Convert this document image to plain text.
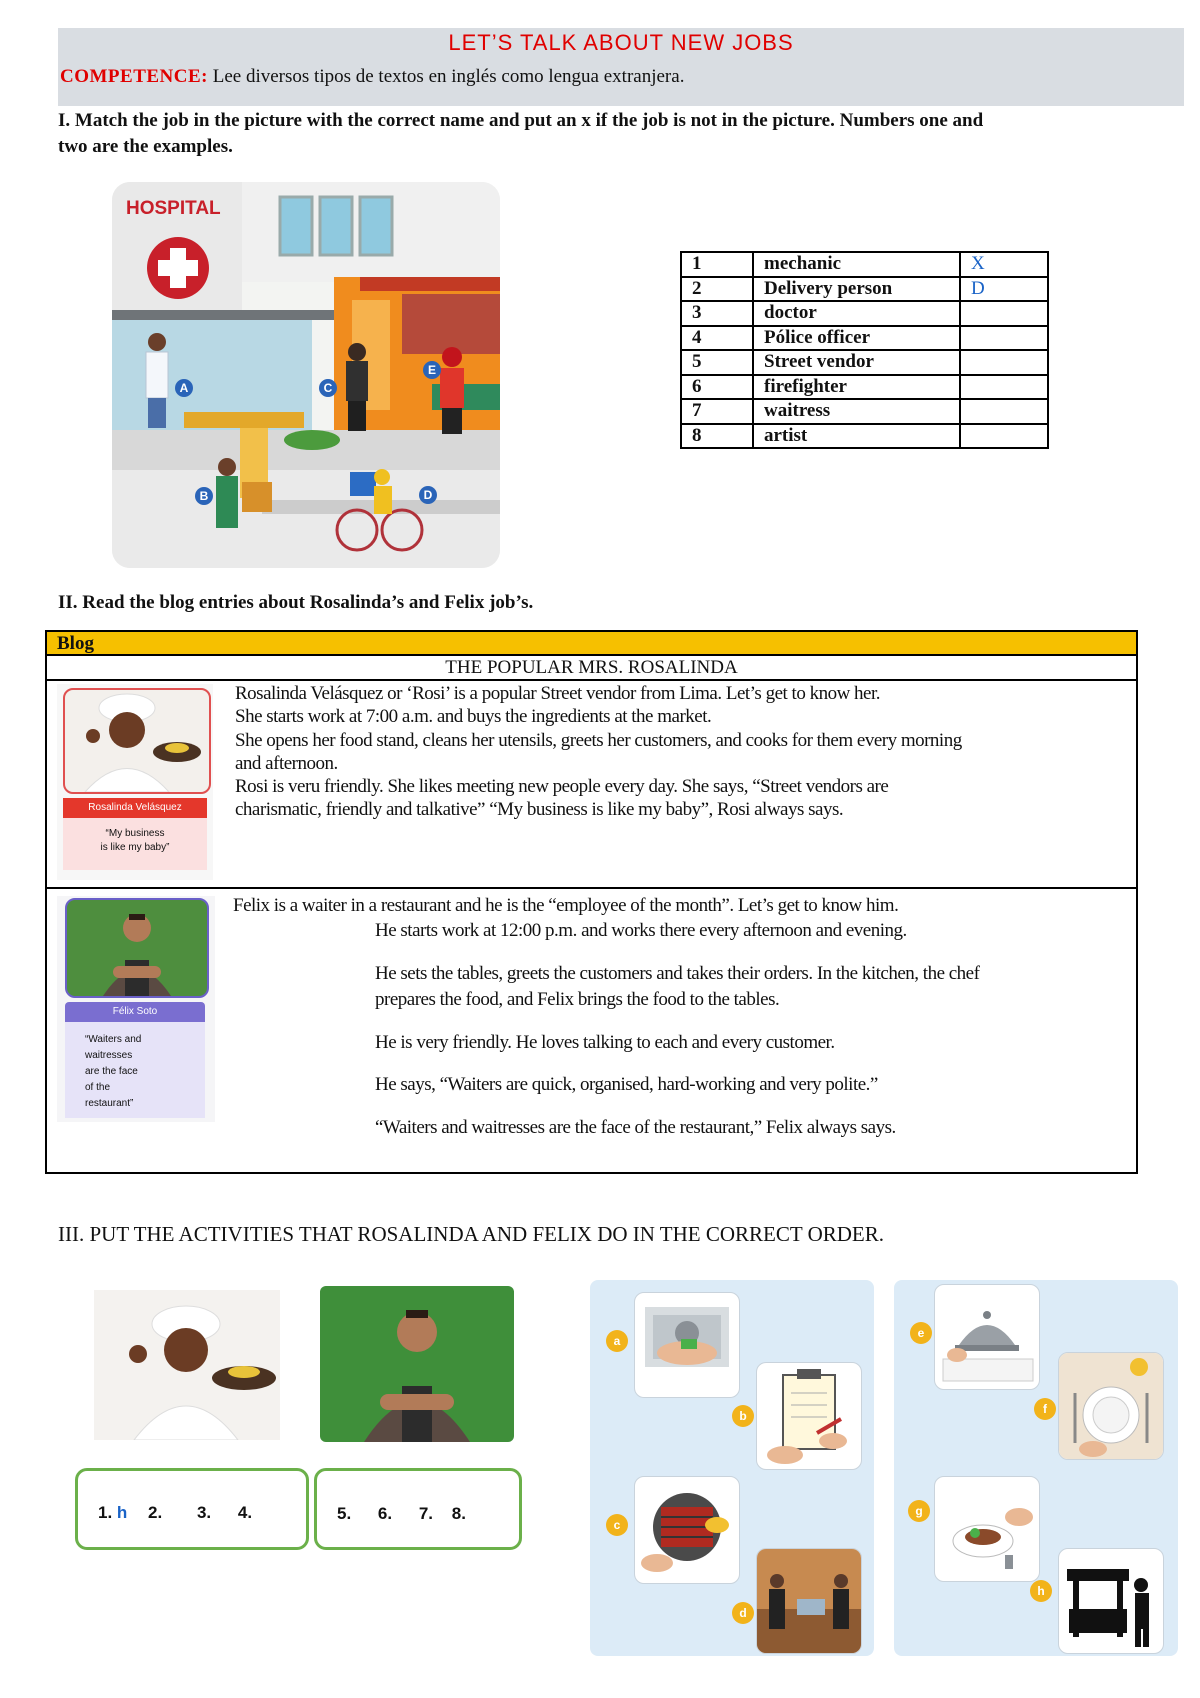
LET’S TALK ABOUT NEW JOBS
COMPETENCE: Lee diversos tipos de textos en inglés como lengua extranjera.
I. Match the job in the picture with the correct name and put an x if the job is not in the picture. Numbers one and
two are the examples.
HOSPITAL
A
B
C
D
E
1	mechanic	X
2	Delivery person	D
3	doctor	
4	Pólice officer	
5	Street vendor	
6	firefighter	
7	waitress	
8	artist	
II. Read the blog entries about Rosalinda’s and Felix job’s.
Blog
THE POPULAR MRS. ROSALINDA
Rosalinda Velásquez
“My business
is like my baby”
Rosalinda Velásquez or ‘Rosi’ is a popular Street vendor from Lima. Let’s get to know her.
She starts work at 7:00 a.m. and buys the ingredients at the market.
She opens her food stand, cleans her utensils, greets her customers, and cooks for them every morning
and afternoon.
Rosi is veru friendly. She likes meeting new people every day. She says, “Street vendors are
charismatic, friendly and talkative” “My business is like my baby”, Rosi always says.
Félix Soto
“Waiters and
waitresses
are the face
of the
restaurant”
Felix is a waiter in a restaurant and he is the “employee of the month”. Let’s get to know him.
He starts work at 12:00 p.m. and works there every afternoon and evening.
He sets the tables, greets the customers and takes their orders. In the kitchen, the chef
prepares the food, and Felix brings the food to the tables.
He is very friendly. He loves talking to each and every customer.
He says, “Waiters are quick, organised, hard-working and very polite.”
“Waiters and waitresses are the face of the restaurant,” Felix always says.
III. PUT THE ACTIVITIES THAT ROSALINDA AND FELIX DO IN THE CORRECT ORDER.
1. h 2. 3. 4.	5. 6. 7. 8.
a
b
c
d
e
f
g
h
